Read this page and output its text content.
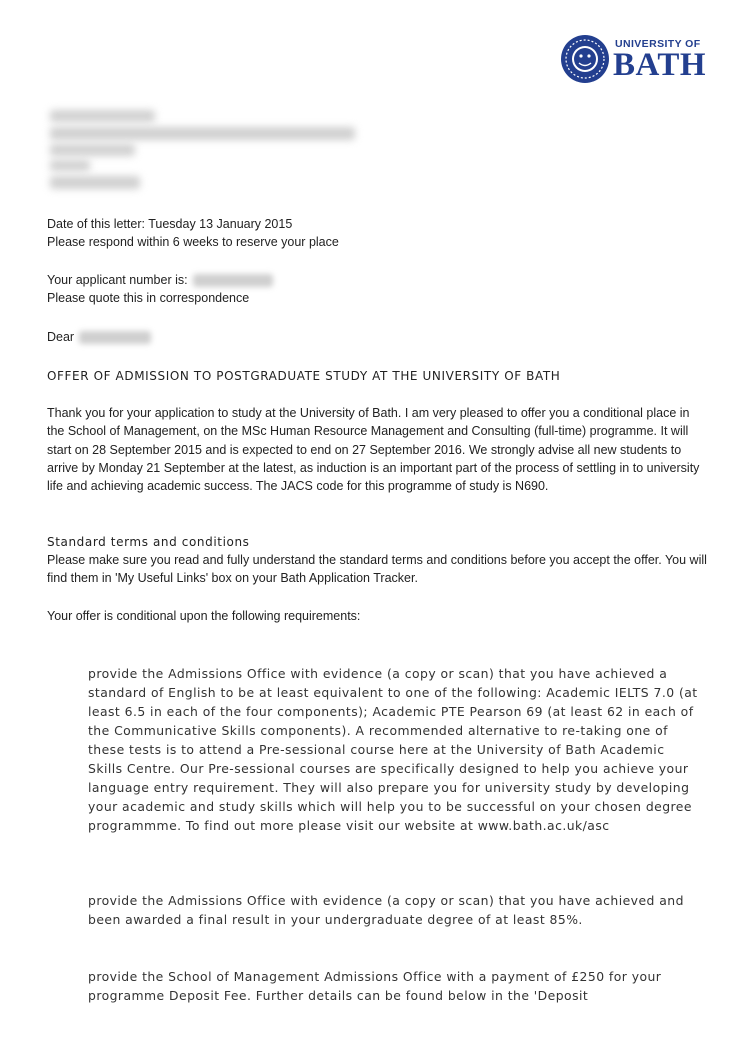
UNIVERSITY OF
BATH
Date of this letter: Tuesday 13 January 2015
Please respond within 6 weeks to reserve your place
Your applicant number is:
Please quote this in correspondence
Dear
OFFER OF ADMISSION TO POSTGRADUATE STUDY AT THE UNIVERSITY OF BATH
Thank you for your application to study at the University of Bath. I am very pleased to offer you a conditional place in the School of Management, on the MSc Human Resource Management and Consulting (full-time) programme. It will start on 28 September 2015 and is expected to end on 27 September 2016. We strongly advise all new students to arrive by Monday 21 September at the latest, as induction is an important part of the process of settling in to university life and achieving academic success. The JACS code for this programme of study is N690.
Standard terms and conditions
Please make sure you read and fully understand the standard terms and conditions before you accept the offer. You will find them in 'My Useful Links' box on your Bath Application Tracker.
Your offer is conditional upon the following requirements:
provide the Admissions Office with evidence (a copy or scan) that you have achieved a standard of English to be at least equivalent to one of the following: Academic IELTS 7.0 (at least 6.5 in each of the four components); Academic PTE Pearson 69 (at least 62 in each of the Communicative Skills components). A recommended alternative to re-taking one of these tests is to attend a Pre-sessional course here at the University of Bath Academic Skills Centre. Our Pre-sessional courses are specifically designed to help you achieve your language entry requirement. They will also prepare you for university study by developing your academic and study skills which will help you to be successful on your chosen degree programmme. To find out more please visit our website at www.bath.ac.uk/asc
provide the Admissions Office with evidence (a copy or scan) that you have achieved and been awarded a final result in your undergraduate degree of at least 85%.
provide the School of Management Admissions Office with a payment of £250 for your programme Deposit Fee. Further details can be found below in the 'Deposit
